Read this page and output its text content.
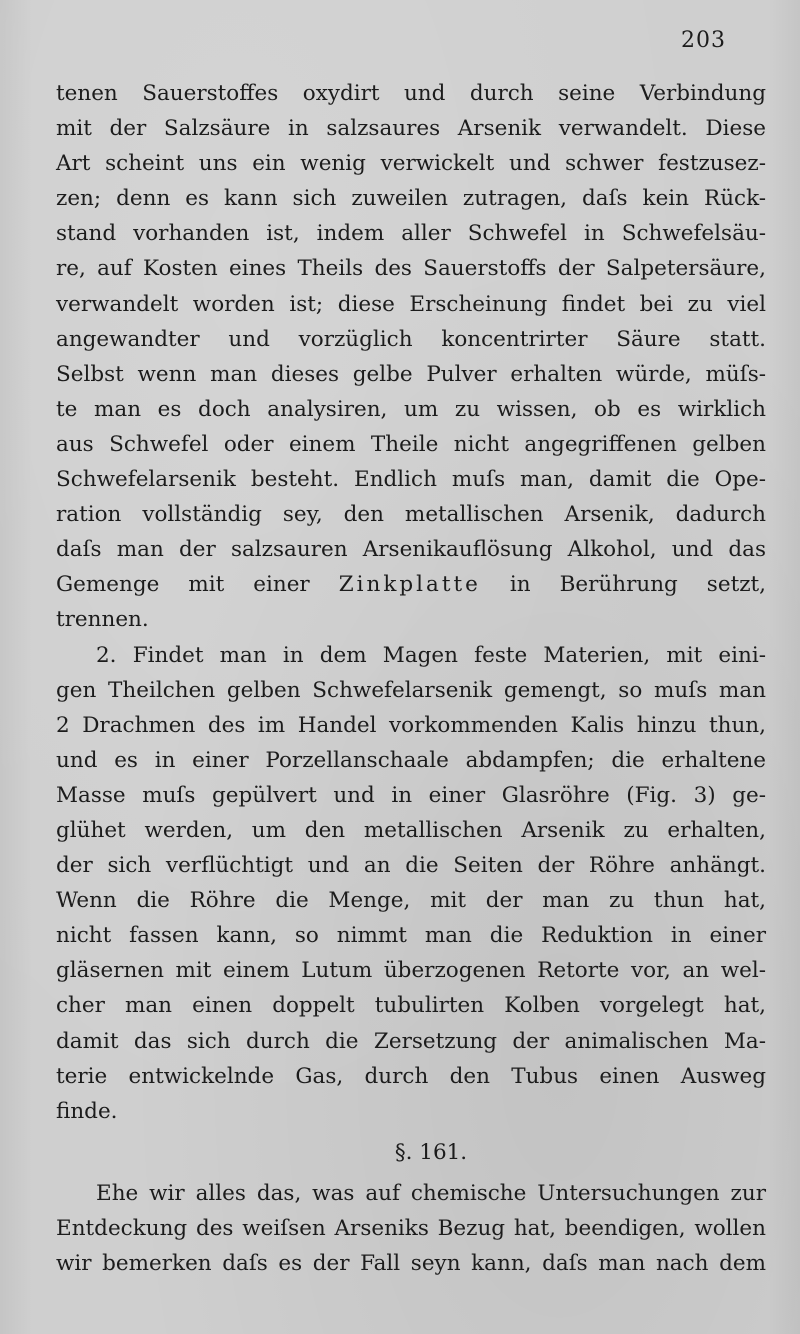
203
tenen Sauerstoffes oxydirt und durch seine Verbindung
mit der Salzsäure in salzsaures Arsenik verwandelt. Diese
Art scheint uns ein wenig verwickelt und schwer festzusez-
zen; denn es kann sich zuweilen zutragen, daſs kein Rück-
stand vorhanden ist, indem aller Schwefel in Schwefelsäu-
re, auf Kosten eines Theils des Sauerstoffs der Salpetersäure,
verwandelt worden ist; diese Erscheinung findet bei zu viel
angewandter und vorzüglich koncentrirter Säure statt.
Selbst wenn man dieses gelbe Pulver erhalten würde, müſs-
te man es doch analysiren, um zu wissen, ob es wirklich
aus Schwefel oder einem Theile nicht angegriffenen gelben
Schwefelarsenik besteht. Endlich muſs man, damit die Ope-
ration vollständig sey, den metallischen Arsenik, dadurch
daſs man der salzsauren Arsenikauflösung Alkohol, und das
Gemenge mit einer Zinkplatte in Berührung setzt,
trennen.
2. Findet man in dem Magen feste Materien, mit eini-
gen Theilchen gelben Schwefelarsenik gemengt, so muſs man
2 Drachmen des im Handel vorkommenden Kalis hinzu thun,
und es in einer Porzellanschaale abdampfen; die erhaltene
Masse muſs gepülvert und in einer Glasröhre (Fig. 3) ge-
glühet werden, um den metallischen Arsenik zu erhalten,
der sich verflüchtigt und an die Seiten der Röhre anhängt.
Wenn die Röhre die Menge, mit der man zu thun hat,
nicht fassen kann, so nimmt man die Reduktion in einer
gläsernen mit einem Lutum überzogenen Retorte vor, an wel-
cher man einen doppelt tubulirten Kolben vorgelegt hat,
damit das sich durch die Zersetzung der animalischen Ma-
terie entwickelnde Gas, durch den Tubus einen Ausweg
finde.
§. 161.
Ehe wir alles das, was auf chemische Untersuchungen zur
Entdeckung des weiſsen Arseniks Bezug hat, beendigen, wollen
wir bemerken daſs es der Fall seyn kann, daſs man nach dem
